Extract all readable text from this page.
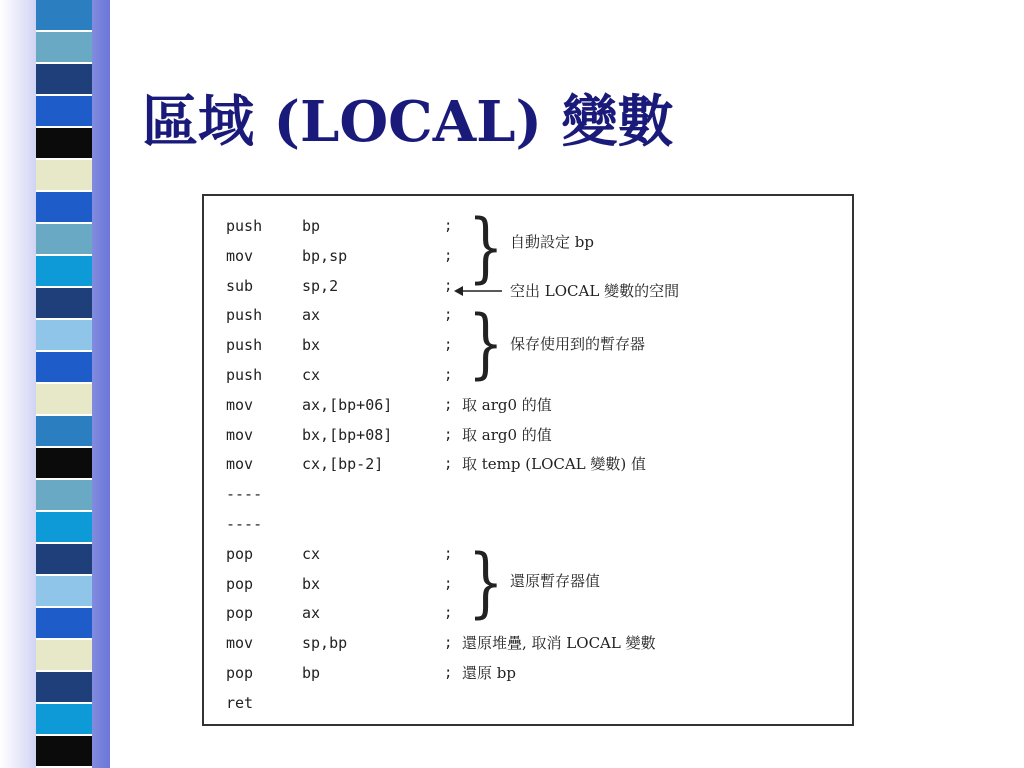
區域 (LOCAL) 變數
push	bp	;
mov	bp,sp	;
sub	sp,2	;
push	ax	;
push	bx	;
push	cx	;
mov	ax,[bp+06]	; 取 arg0 的值
mov	bx,[bp+08]	; 取 arg0 的值
mov	cx,[bp-2]	; 取 temp (LOCAL 變數) 值
----
----
pop	cx	;
pop	bx	;
pop	ax	;
mov	sp,bp	; 還原堆疊, 取消 LOCAL 變數
pop	bp	; 還原 bp
ret
} 自動設定 bp
空出 LOCAL 變數的空間
} 保存使用到的暫存器
} 還原暫存器值
